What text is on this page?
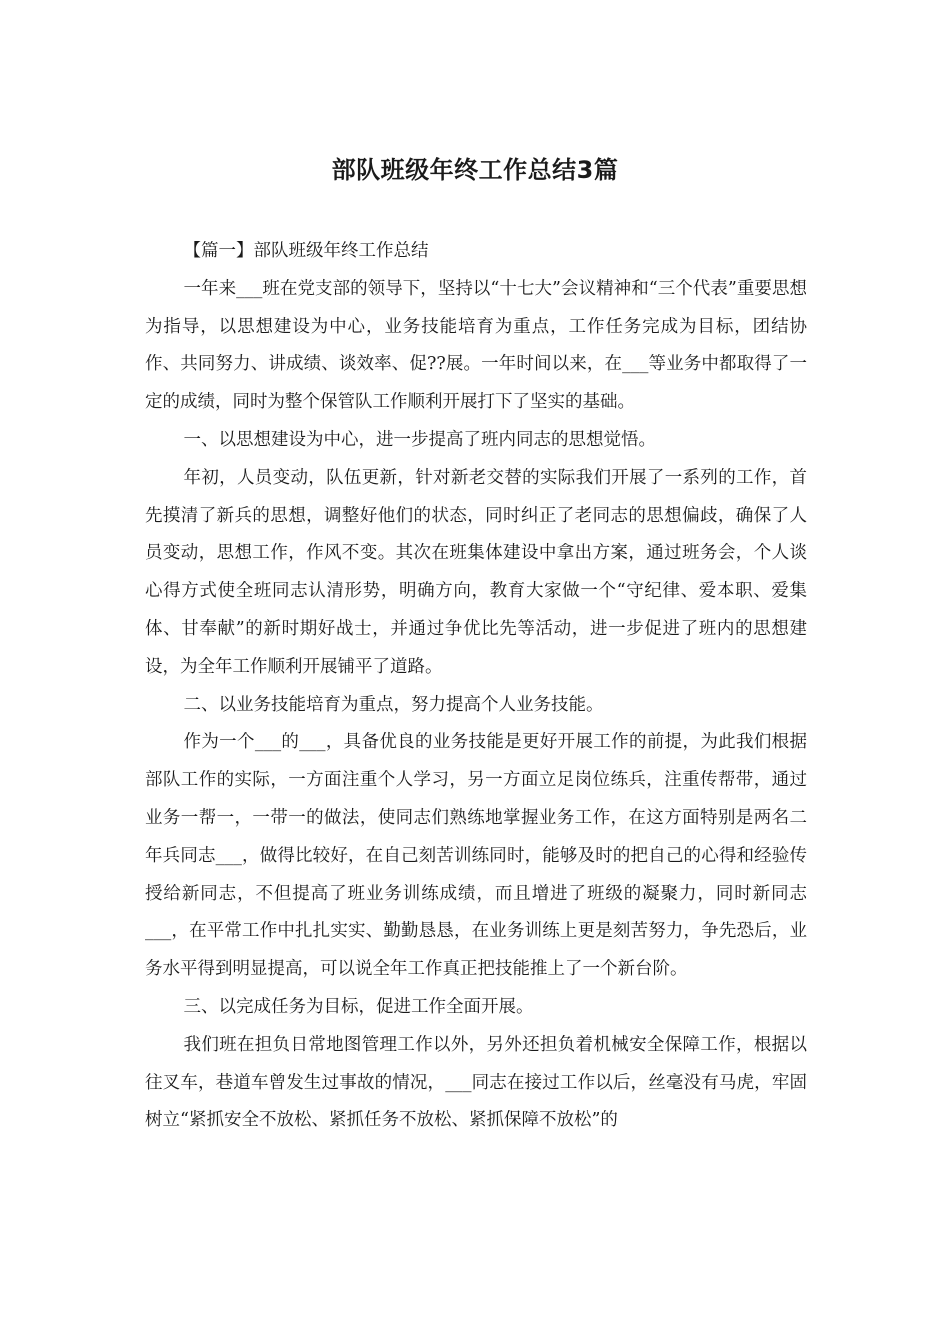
部队班级年终工作总结3篇

【篇一】部队班级年终工作总结

一年来___班在党支部的领导下，坚持以“十七大”会议精神和“三个代表”重要思想为指导，以思想建设为中心，业务技能培育为重点，工作任务完成为目标，团结协作、共同努力、讲成绩、谈效率、促??展。一年时间以来，在___等业务中都取得了一定的成绩，同时为整个保管队工作顺利开展打下了坚实的基础。

一、以思想建设为中心，进一步提高了班内同志的思想觉悟。

年初，人员变动，队伍更新，针对新老交替的实际我们开展了一系列的工作，首先摸清了新兵的思想，调整好他们的状态，同时纠正了老同志的思想偏歧，确保了人员变动，思想工作，作风不变。其次在班集体建设中拿出方案，通过班务会，个人谈心得方式使全班同志认清形势，明确方向，教育大家做一个“守纪律、爱本职、爱集体、甘奉献”的新时期好战士，并通过争优比先等活动，进一步促进了班内的思想建设，为全年工作顺利开展铺平了道路。

二、以业务技能培育为重点，努力提高个人业务技能。

作为一个___的___，具备优良的业务技能是更好开展工作的前提，为此我们根据部队工作的实际，一方面注重个人学习，另一方面立足岗位练兵，注重传帮带，通过业务一帮一，一带一的做法，使同志们熟练地掌握业务工作，在这方面特别是两名二年兵同志___，做得比较好，在自己刻苦训练同时，能够及时的把自己的心得和经验传授给新同志，不但提高了班业务训练成绩，而且增进了班级的凝聚力，同时新同志___，在平常工作中扎扎实实、勤勤恳恳，在业务训练上更是刻苦努力，争先恐后，业务水平得到明显提高，可以说全年工作真正把技能推上了一个新台阶。

三、以完成任务为目标，促进工作全面开展。

我们班在担负日常地图管理工作以外，另外还担负着机械安全保障工作，根据以往叉车，巷道车曾发生过事故的情况，___同志在接过工作以后，丝毫没有马虎，牢固树立“紧抓安全不放松、紧抓任务不放松、紧抓保障不放松”的
